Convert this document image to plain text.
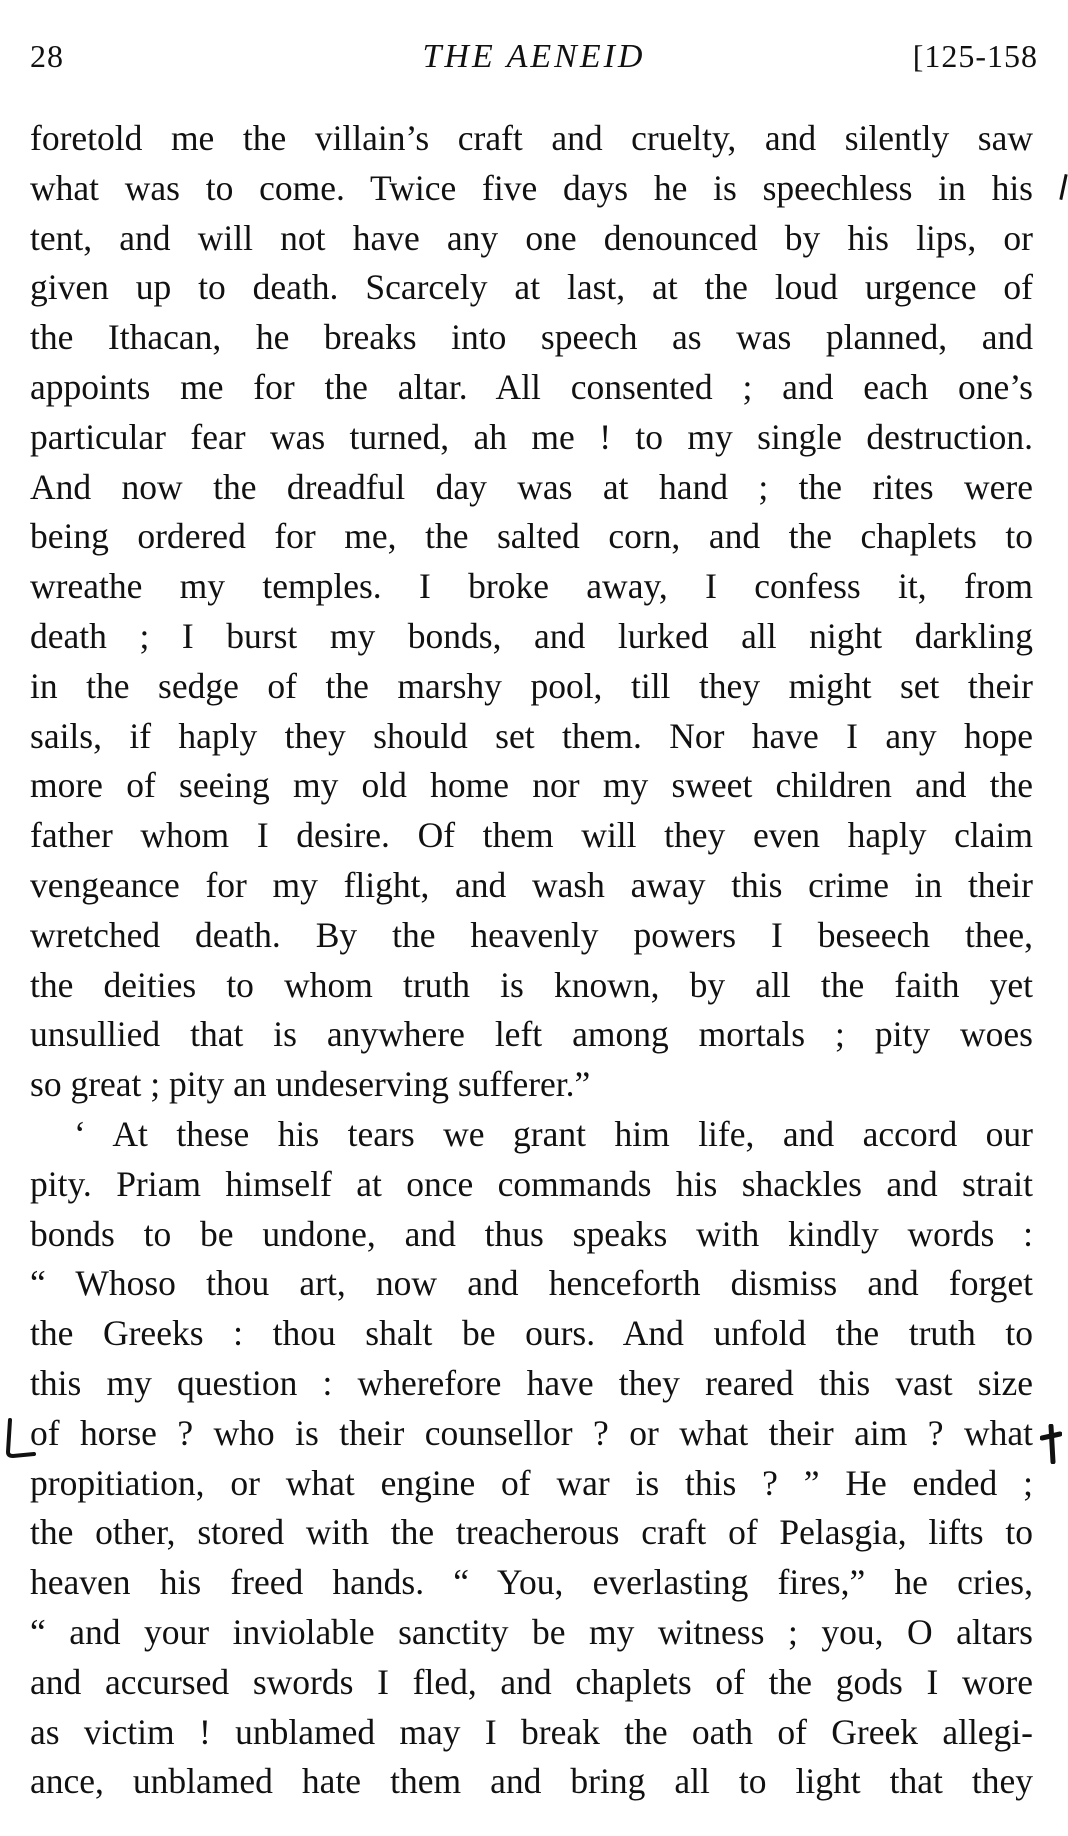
28	THE AENEID	[125-158
foretold me the villain’s craft and cruelty, and silently saw
what was to come. Twice five days he is speechless in his
tent, and will not have any one denounced by his lips, or
given up to death. Scarcely at last, at the loud urgence of
the Ithacan, he breaks into speech as was planned, and
appoints me for the altar. All consented ; and each one’s
particular fear was turned, ah me ! to my single destruction.
And now the dreadful day was at hand ; the rites were
being ordered for me, the salted corn, and the chaplets to
wreathe my temples. I broke away, I confess it, from
death ; I burst my bonds, and lurked all night darkling
in the sedge of the marshy pool, till they might set their
sails, if haply they should set them. Nor have I any hope
more of seeing my old home nor my sweet children and the
father whom I desire. Of them will they even haply claim
vengeance for my flight, and wash away this crime in their
wretched death. By the heavenly powers I beseech thee,
the deities to whom truth is known, by all the faith yet
unsullied that is anywhere left among mortals ; pity woes
so great ; pity an undeserving sufferer.”
‘ At these his tears we grant him life, and accord our
pity. Priam himself at once commands his shackles and strait
bonds to be undone, and thus speaks with kindly words :
“ Whoso thou art, now and henceforth dismiss and forget
the Greeks : thou shalt be ours. And unfold the truth to
this my question : wherefore have they reared this vast size
of horse ? who is their counsellor ? or what their aim ? what
propitiation, or what engine of war is this ? ” He ended ;
the other, stored with the treacherous craft of Pelasgia, lifts to
heaven his freed hands. “ You, everlasting fires,” he cries,
“ and your inviolable sanctity be my witness ; you, O altars
and accursed swords I fled, and chaplets of the gods I wore
as victim ! unblamed may I break the oath of Greek allegi-
ance, unblamed hate them and bring all to light that they
